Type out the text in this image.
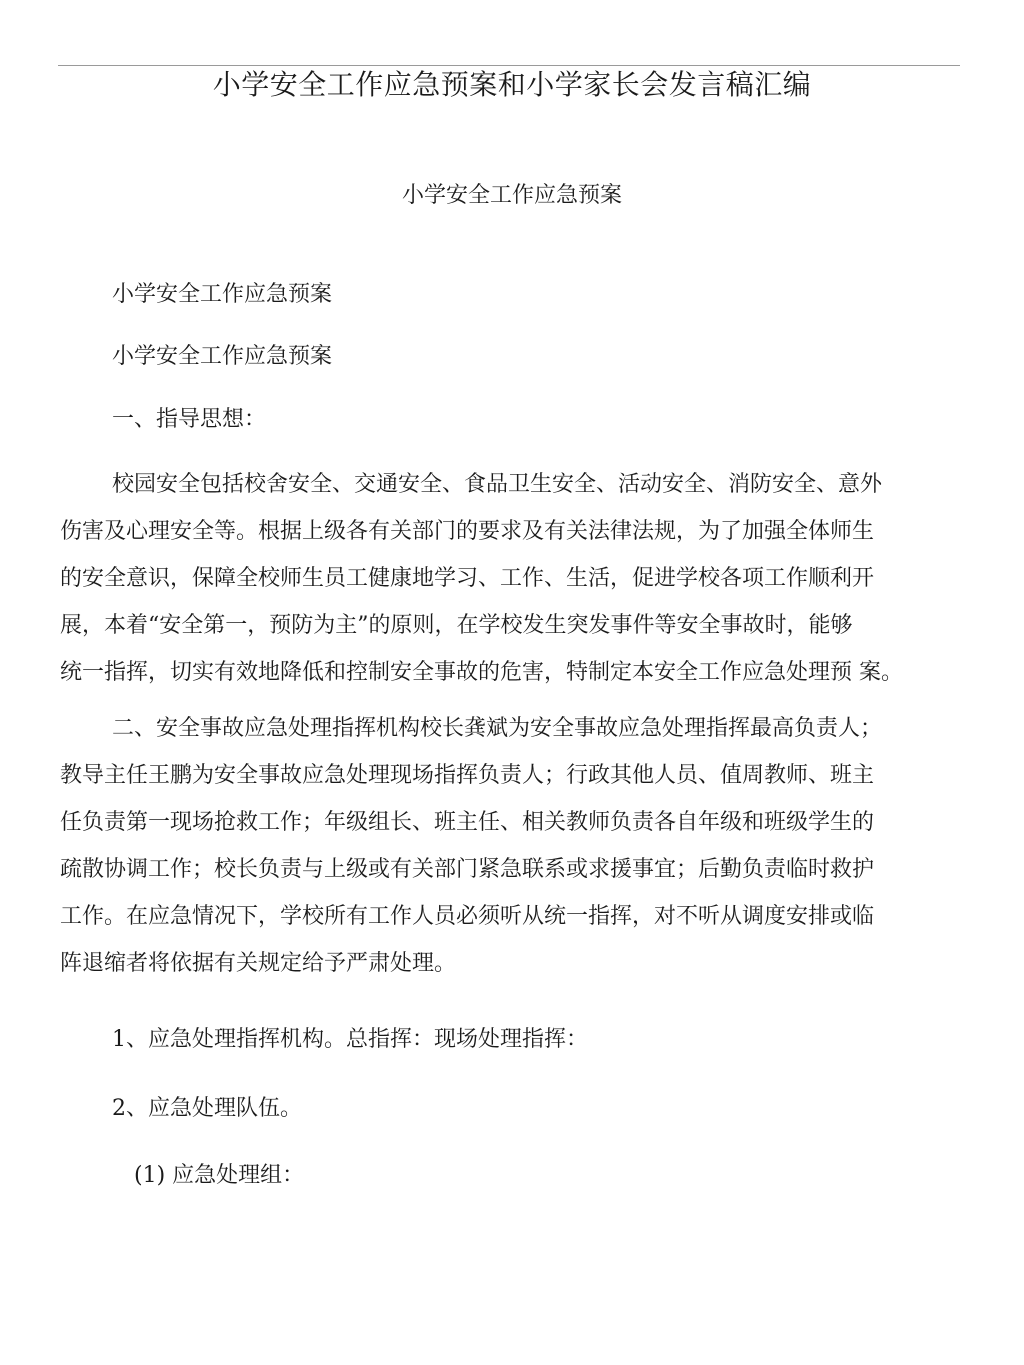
小学安全工作应急预案和小学家长会发言稿汇编
小学安全工作应急预案
小学安全工作应急预案
小学安全工作应急预案
一、指导思想：
校园安全包括校舍安全、交通安全、食品卫生安全、活动安全、消防安全、意外
伤害及心理安全等。根据上级各有关部门的要求及有关法律法规，为了加强全体师生
的安全意识，保障全校师生员工健康地学习、工作、生活，促进学校各项工作顺利开
展，本着“安全第一，预防为主”的原则，在学校发生突发事件等安全事故时，能够
统一指挥，切实有效地降低和控制安全事故的危害，特制定本安全工作应急处理预 案。
二、安全事故应急处理指挥机构校长龚斌为安全事故应急处理指挥最高负责人；
教导主任王鹏为安全事故应急处理现场指挥负责人；行政其他人员、值周教师、班主
任负责第一现场抢救工作；年级组长、班主任、相关教师负责各自年级和班级学生的
疏散协调工作；校长负责与上级或有关部门紧急联系或求援事宜；后勤负责临时救护
工作。在应急情况下，学校所有工作人员必须听从统一指挥，对不听从调度安排或临
阵退缩者将依据有关规定给予严肃处理。
1、应急处理指挥机构。总指挥：现场处理指挥：
2、应急处理队伍。
(1) 应急处理组：
